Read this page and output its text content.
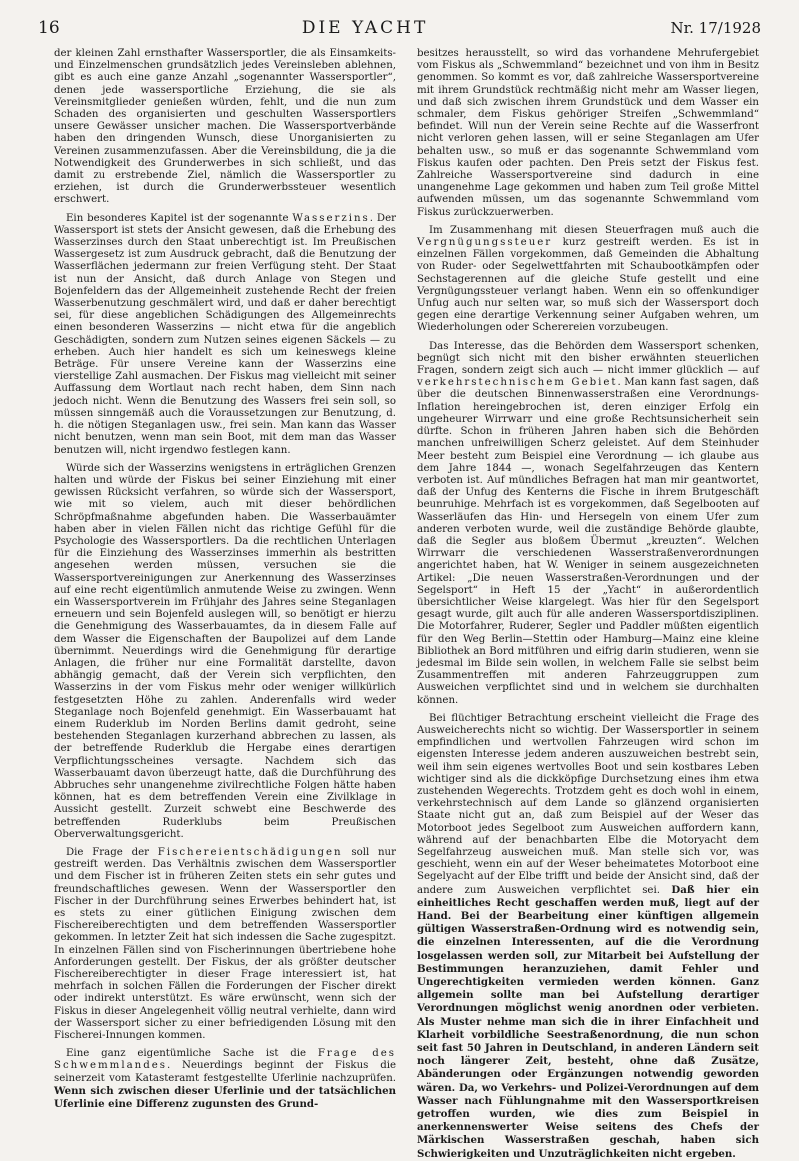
16	DIE YACHT	Nr. 17/1928

der kleinen Zahl ernsthafter Wassersportler, die als Einsamkeits- und Einzelmenschen grundsätzlich jedes Vereinsleben ablehnen, gibt es auch eine ganze Anzahl „sogenannter Wassersportler“, denen jede wassersportliche Erziehung, die sie als Vereinsmitglieder genießen würden, fehlt, und die nun zum Schaden des organisierten und geschulten Wassersportlers unsere Gewässer unsicher machen. Die Wassersportverbände haben den dringenden Wunsch, diese Unorganisierten zu Vereinen zusammenzufassen. Aber die Vereinsbildung, die ja die Notwendigkeit des Grunderwerbes in sich schließt, und das damit zu erstrebende Ziel, nämlich die Wassersportler zu erziehen, ist durch die Grunderwerbssteuer wesentlich erschwert.

Ein besonderes Kapitel ist der sogenannte Wasserzins. Der Wassersport ist stets der Ansicht gewesen, daß die Erhebung des Wasserzinses durch den Staat unberechtigt ist. Im Preußischen Wassergesetz ist zum Ausdruck gebracht, daß die Benutzung der Wasserflächen jedermann zur freien Verfügung steht. Der Staat ist nun der Ansicht, daß durch Anlage von Stegen und Bojenfeldern das der Allgemeinheit zustehende Recht der freien Wasserbenutzung geschmälert wird, und daß er daher berechtigt sei, für diese angeblichen Schädigungen des Allgemeinrechts einen besonderen Wasserzins — nicht etwa für die angeblich Geschädigten, sondern zum Nutzen seines eigenen Säckels — zu erheben. Auch hier handelt es sich um keineswegs kleine Beträge. Für unsere Vereine kann der Wasserzins eine vierstellige Zahl ausmachen. Der Fiskus mag vielleicht mit seiner Auffassung dem Wortlaut nach recht haben, dem Sinn nach jedoch nicht. Wenn die Benutzung des Wassers frei sein soll, so müssen sinngemäß auch die Voraussetzungen zur Benutzung, d. h. die nötigen Steganlagen usw., frei sein. Man kann das Wasser nicht benutzen, wenn man sein Boot, mit dem man das Wasser benutzen will, nicht irgendwo festlegen kann.

Würde sich der Wasserzins wenigstens in erträglichen Grenzen halten und würde der Fiskus bei seiner Einziehung mit einer gewissen Rücksicht verfahren, so würde sich der Wassersport, wie mit so vielem, auch mit dieser behördlichen Schröpfmaßnahme abgefunden haben. Die Wasserbauämter haben aber in vielen Fällen nicht das richtige Gefühl für die Psychologie des Wassersportlers. Da die rechtlichen Unterlagen für die Einziehung des Wasserzinses immerhin als bestritten angesehen werden müssen, versuchen sie die Wassersportvereinigungen zur Anerkennung des Wasserzinses auf eine recht eigentümlich anmutende Weise zu zwingen. Wenn ein Wassersportverein im Frühjahr des Jahres seine Steganlagen erneuern und sein Bojenfeld auslegen will, so benötigt er hierzu die Genehmigung des Wasserbauamtes, da in diesem Falle auf dem Wasser die Eigenschaften der Baupolizei auf dem Lande übernimmt. Neuerdings wird die Genehmigung für derartige Anlagen, die früher nur eine Formalität darstellte, davon abhängig gemacht, daß der Verein sich verpflichten, den Wasserzins in der vom Fiskus mehr oder weniger willkürlich festgesetzten Höhe zu zahlen. Anderenfalls wird weder Steganlage noch Bojenfeld genehmigt. Ein Wasserbauamt hat einem Ruderklub im Norden Berlins damit gedroht, seine bestehenden Steganlagen kurzerhand abbrechen zu lassen, als der betreffende Ruderklub die Hergabe eines derartigen Verpflichtungsscheines versagte. Nachdem sich das Wasserbauamt davon überzeugt hatte, daß die Durchführung des Abbruches sehr unangenehme zivilrechtliche Folgen hätte haben können, hat es dem betreffenden Verein eine Zivilklage in Aussicht gestellt. Zurzeit schwebt eine Beschwerde des betreffenden Ruderklubs beim Preußischen Oberverwaltungsgericht.

Die Frage der Fischereientschädigungen soll nur gestreift werden. Das Verhältnis zwischen dem Wassersportler und dem Fischer ist in früheren Zeiten stets ein sehr gutes und freundschaftliches gewesen. Wenn der Wassersportler den Fischer in der Durchführung seines Erwerbes behindert hat, ist es stets zu einer gütlichen Einigung zwischen dem Fischereiberechtigten und dem betreffenden Wassersportler gekommen. In letzter Zeit hat sich indessen die Sache zugespitzt. In einzelnen Fällen sind von Fischerinnungen übertriebene hohe Anforderungen gestellt. Der Fiskus, der als größter deutscher Fischereiberechtigter in dieser Frage interessiert ist, hat mehrfach in solchen Fällen die Forderungen der Fischer direkt oder indirekt unterstützt. Es wäre erwünscht, wenn sich der Fiskus in dieser Angelegenheit völlig neutral verhielte, dann wird der Wassersport sicher zu einer befriedigenden Lösung mit den Fischerei-Innungen kommen.

Eine ganz eigentümliche Sache ist die Frage des Schwemmlandes. Neuerdings beginnt der Fiskus die seinerzeit vom Katasteramt festgestellte Uferlinie nachzuprüfen. Wenn sich zwischen dieser Uferlinie und der tatsächlichen Uferlinie eine Differenz zugunsten des Grund-

besitzes herausstellt, so wird das vorhandene Mehrufergebiet vom Fiskus als „Schwemmland“ bezeichnet und von ihm in Besitz genommen. So kommt es vor, daß zahlreiche Wassersportvereine mit ihrem Grundstück rechtmäßig nicht mehr am Wasser liegen, und daß sich zwischen ihrem Grundstück und dem Wasser ein schmaler, dem Fiskus gehöriger Streifen „Schwemmland“ befindet. Will nun der Verein seine Rechte auf die Wasserfront nicht verloren gehen lassen, will er seine Steganlagen am Ufer behalten usw., so muß er das sogenannte Schwemmland vom Fiskus kaufen oder pachten. Den Preis setzt der Fiskus fest. Zahlreiche Wassersportvereine sind dadurch in eine unangenehme Lage gekommen und haben zum Teil große Mittel aufwenden müssen, um das sogenannte Schwemmland vom Fiskus zurückzuerwerben.

Im Zusammenhang mit diesen Steuerfragen muß auch die Vergnügungssteuer kurz gestreift werden. Es ist in einzelnen Fällen vorgekommen, daß Gemeinden die Abhaltung von Ruder- oder Segelwettfahrten mit Schaubootkämpfen oder Sechstagerennen auf die gleiche Stufe gestellt und eine Vergnügungssteuer verlangt haben. Wenn ein so offenkundiger Unfug auch nur selten war, so muß sich der Wassersport doch gegen eine derartige Verkennung seiner Aufgaben wehren, um Wiederholungen oder Scherereien vorzubeugen.

Das Interesse, das die Behörden dem Wassersport schenken, begnügt sich nicht mit den bisher erwähnten steuerlichen Fragen, sondern zeigt sich auch — nicht immer glücklich — auf verkehrstechnischem Gebiet. Man kann fast sagen, daß über die deutschen Binnenwasserstraßen eine Verordnungs-Inflation hereingebrochen ist, deren einziger Erfolg ein ungeheurer Wirrwarr und eine große Rechtsunsicherheit sein dürfte. Schon in früheren Jahren haben sich die Behörden manchen unfreiwilligen Scherz geleistet. Auf dem Steinhuder Meer besteht zum Beispiel eine Verordnung — ich glaube aus dem Jahre 1844 —, wonach Segelfahrzeugen das Kentern verboten ist. Auf mündliches Befragen hat man mir geantwortet, daß der Unfug des Kenterns die Fische in ihrem Brutgeschäft beunruhige. Mehrfach ist es vorgekommen, daß Segelbooten auf Wasserläufen das Hin- und Hersegeln von einem Ufer zum anderen verboten wurde, weil die zuständige Behörde glaubte, daß die Segler aus bloßem Übermut „kreuzten“. Welchen Wirrwarr die verschiedenen Wasserstraßenverordnungen angerichtet haben, hat W. Weniger in seinem ausgezeichneten Artikel: „Die neuen Wasserstraßen-Verordnungen und der Segelsport“ in Heft 15 der „Yacht“ in außerordentlich übersichtlicher Weise klargelegt. Was hier für den Segelsport gesagt wurde, gilt auch für alle anderen Wassersportdisziplinen. Die Motorfahrer, Ruderer, Segler und Paddler müßten eigentlich für den Weg Berlin—Stettin oder Hamburg—Mainz eine kleine Bibliothek an Bord mitführen und eifrig darin studieren, wenn sie jedesmal im Bilde sein wollen, in welchem Falle sie selbst beim Zusammentreffen mit anderen Fahrzeuggruppen zum Ausweichen verpflichtet sind und in welchem sie durchhalten können.

Bei flüchtiger Betrachtung erscheint vielleicht die Frage des Ausweicherechts nicht so wichtig. Der Wassersportler in seinem empfindlichen und wertvollen Fahrzeugen wird schon im eigensten Interesse jedem anderen auszuweichen bestrebt sein, weil ihm sein eigenes wertvolles Boot und sein kostbares Leben wichtiger sind als die dickköpfige Durchsetzung eines ihm etwa zustehenden Wegerechts. Trotzdem geht es doch wohl in einem, verkehrstechnisch auf dem Lande so glänzend organisierten Staate nicht gut an, daß zum Beispiel auf der Weser das Motorboot jedes Segelboot zum Ausweichen auffordern kann, während auf der benachbarten Elbe die Motoryacht dem Segelfahrzeug ausweichen muß. Man stelle sich vor, was geschieht, wenn ein auf der Weser beheimatetes Motorboot eine Segelyacht auf der Elbe trifft und beide der Ansicht sind, daß der andere zum Ausweichen verpflichtet sei. Daß hier ein einheitliches Recht geschaffen werden muß, liegt auf der Hand. Bei der Bearbeitung einer künftigen allgemein gültigen Wasserstraßen-Ordnung wird es notwendig sein, die einzelnen Interessenten, auf die die Verordnung losgelassen werden soll, zur Mitarbeit bei Aufstellung der Bestimmungen heranzuziehen, damit Fehler und Ungerechtigkeiten vermieden werden können. Ganz allgemein sollte man bei Aufstellung derartiger Verordnungen möglichst wenig anordnen oder verbieten. Als Muster nehme man sich die in ihrer Einfachheit und Klarheit vorbildliche Seestraßenordnung, die nun schon seit fast 50 Jahren in Deutschland, in anderen Ländern seit noch längerer Zeit, besteht, ohne daß Zusätze, Abänderungen oder Ergänzungen notwendig geworden wären. Da, wo Verkehrs- und Polizei-Verordnungen auf dem Wasser nach Fühlungnahme mit den Wassersportkreisen getroffen wurden, wie dies zum Beispiel in anerkennenswerter Weise seitens des Chefs der Märkischen Wasserstraßen geschah, haben sich Schwierigkeiten und Unzuträglichkeiten nicht ergeben.
